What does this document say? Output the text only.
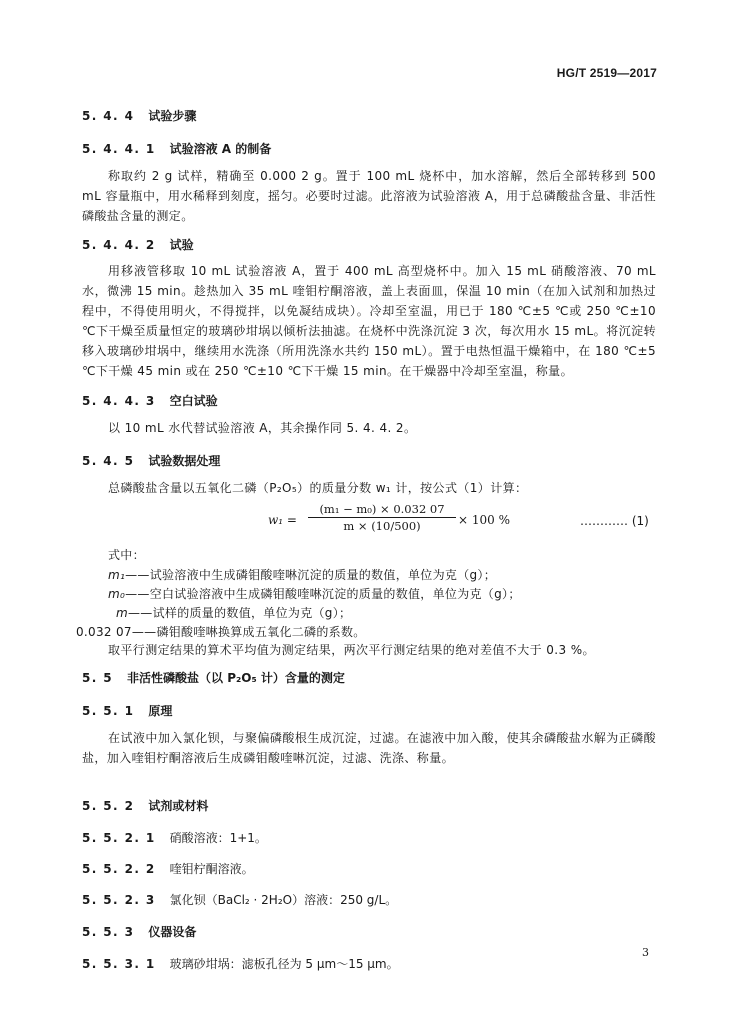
HG/T 2519—2017
5. 4. 4 试验步骤
5. 4. 4. 1 试验溶液 A 的制备
称取约 2 g 试样，精确至 0.000 2 g。置于 100 mL 烧杯中，加水溶解，然后全部转移到 500 mL 容量瓶中，用水稀释到刻度，摇匀。必要时过滤。此溶液为试验溶液 A，用于总磷酸盐含量、非活性磷酸盐含量的测定。
5. 4. 4. 2 试验
用移液管移取 10 mL 试验溶液 A，置于 400 mL 高型烧杯中。加入 15 mL 硝酸溶液、70 mL 水，微沸 15 min。趁热加入 35 mL 喹钼柠酮溶液，盖上表面皿，保温 10 min（在加入试剂和加热过程中，不得使用明火，不得搅拌，以免凝结成块）。冷却至室温，用已于 180 ℃±5 ℃或 250 ℃±10 ℃下干燥至质量恒定的玻璃砂坩埚以倾析法抽滤。在烧杯中洗涤沉淀 3 次，每次用水 15 mL。将沉淀转移入玻璃砂坩埚中，继续用水洗涤（所用洗涤水共约 150 mL）。置于电热恒温干燥箱中，在 180 ℃±5 ℃下干燥 45 min 或在 250 ℃±10 ℃下干燥 15 min。在干燥器中冷却至室温，称量。
5. 4. 4. 3 空白试验
以 10 mL 水代替试验溶液 A，其余操作同 5. 4. 4. 2。
5. 4. 5 试验数据处理
总磷酸盐含量以五氧化二磷（P₂O₅）的质量分数 w₁ 计，按公式（1）计算：
w₁ =
(m₁ − m₀) × 0.032 07
m × (10/500)	× 100 %	………… (1)
式中：
m₁——试验溶液中生成磷钼酸喹啉沉淀的质量的数值，单位为克（g）；
m₀——空白试验溶液中生成磷钼酸喹啉沉淀的质量的数值，单位为克（g）；
m——试样的质量的数值，单位为克（g）；
0.032 07——磷钼酸喹啉换算成五氧化二磷的系数。
取平行测定结果的算术平均值为测定结果，两次平行测定结果的绝对差值不大于 0.3 %。
5. 5 非活性磷酸盐（以 P₂O₅ 计）含量的测定
5. 5. 1 原理
在试液中加入氯化钡，与聚偏磷酸根生成沉淀，过滤。在滤液中加入酸，使其余磷酸盐水解为正磷酸盐，加入喹钼柠酮溶液后生成磷钼酸喹啉沉淀，过滤、洗涤、称量。
5. 5. 2 试剂或材料
5. 5. 2. 1 硝酸溶液：1+1。
5. 5. 2. 2 喹钼柠酮溶液。
5. 5. 2. 3 氯化钡（BaCl₂ · 2H₂O）溶液：250 g/L。
5. 5. 3 仪器设备
5. 5. 3. 1 玻璃砂坩埚：滤板孔径为 5 μm～15 μm。
3
